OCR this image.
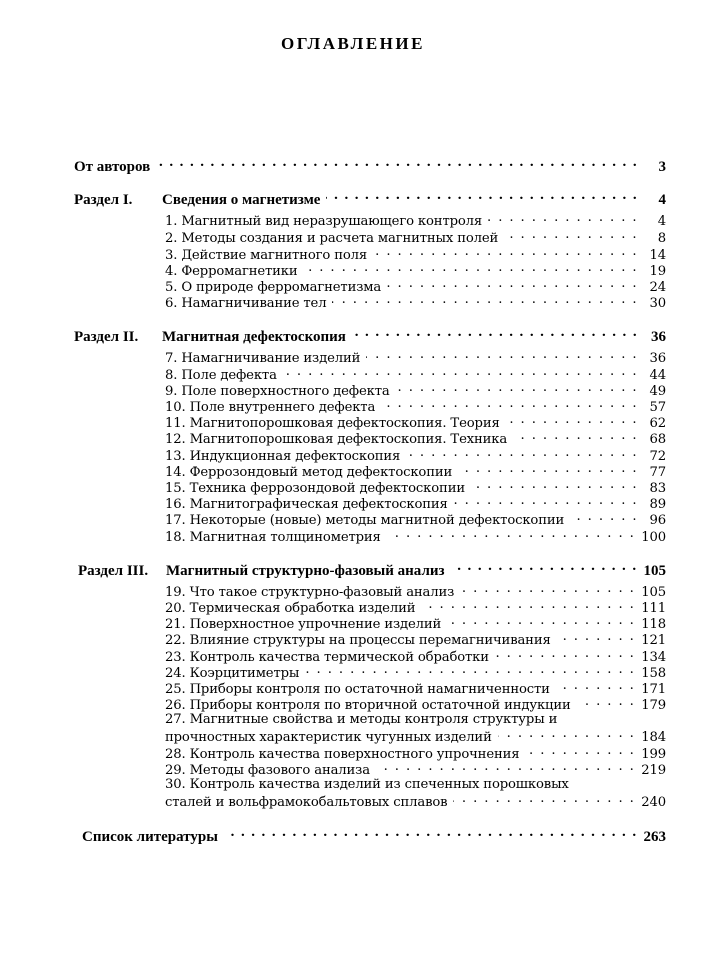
ОГЛАВЛЕНИЕ
От авторов . . .	3
Раздел I. Сведения о магнетизме . . .	4
1. Магнитный вид неразрушающего контроля . . .	4
2. Методы создания и расчета магнитных полей . . .	8
3. Действие магнитного поля . . .	14
4. Ферромагнетики . . .	19
5. О природе ферромагнетизма . . .	24
6. Намагничивание тел . . .	30
Раздел II. Магнитная дефектоскопия . . .	36
7. Намагничивание изделий . . .	36
8. Поле дефекта . . .	44
9. Поле поверхностного дефекта . . .	49
10. Поле внутреннего дефекта . . .	57
11. Магнитопорошковая дефектоскопия. Теория . . .	62
12. Магнитопорошковая дефектоскопия. Техника . . .	68
13. Индукционная дефектоскопия . . .	72
14. Феррозондовый метод дефектоскопии . . .	77
15. Техника феррозондовой дефектоскопии . . .	83
16. Магнитографическая дефектоскопия . . .	89
17. Некоторые (новые) методы магнитной дефектоскопии . . .	96
18. Магнитная толщинометрия . . .	100
Раздел III. Магнитный структурно-фазовый анализ . . .	105
19. Что такое структурно-фазовый анализ . . .	105
20. Термическая обработка изделий . . .	111
21. Поверхностное упрочнение изделий . . .	118
22. Влияние структуры на процессы перемагничивания . . .	121
23. Контроль качества термической обработки . . .	134
24. Коэрцитиметры . . .	158
25. Приборы контроля по остаточной намагниченности . . .	171
26. Приборы контроля по вторичной остаточной индукции . . .	179
27. Магнитные свойства и методы контроля структуры и
прочностных характеристик чугунных изделий . . .	184
28. Контроль качества поверхностного упрочнения . . .	199
29. Методы фазового анализа . . .	219
30. Контроль качества изделий из спеченных порошковых
сталей и вольфрамокобальтовых сплавов . . .	240
Список литературы . . .	263
